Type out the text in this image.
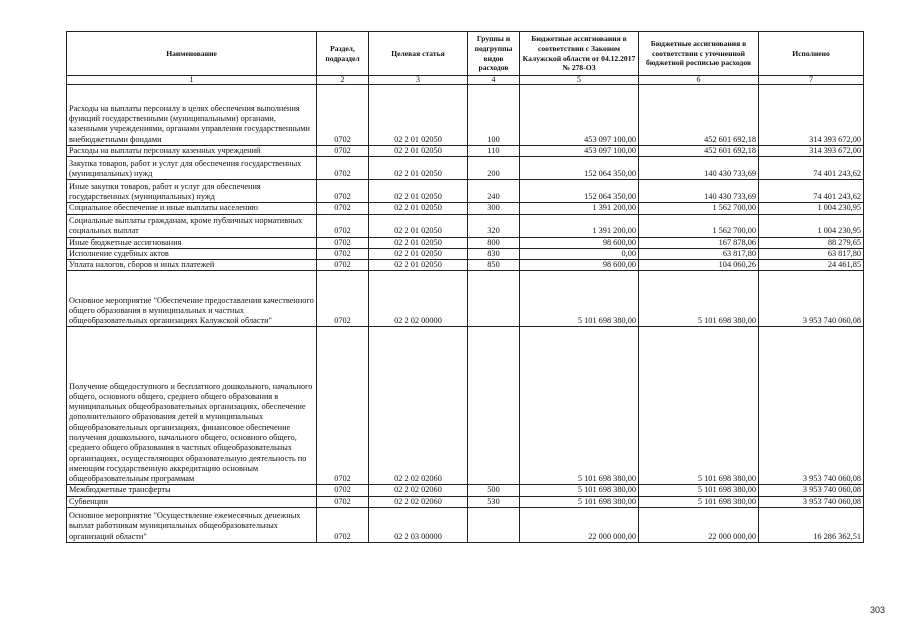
Наименование	Раздел, подраздел	Целевая статья	Группы и подгруппы видов расходов	Бюджетные ассигнования в соответствии с Законом Калужской области от 04.12.2017 № 278-ОЗ	Бюджетные ассигнования в соответствии с уточненной бюджетной росписью расходов	Исполнено
1	2	3	4	5	6	7
Расходы на выплаты персоналу в целях обеспечения выполнения функций государственными (муниципальными) органами, казенными учреждениями, органами управления государственными внебюджетными фондами	0702	02 2 01 02050	100	453 097 100,00	452 601 692,18	314 393 672,00
Расходы на выплаты персоналу казенных учреждений	0702	02 2 01 02050	110	453 097 100,00	452 601 692,18	314 393 672,00
Закупка товаров, работ и услуг для обеспечения государственных (муниципальных) нужд	0702	02 2 01 02050	200	152 064 350,00	140 430 733,69	74 401 243,62
Иные закупки товаров, работ и услуг для обеспечения государственных (муниципальных) нужд	0702	02 2 01 02050	240	152 064 350,00	140 430 733,69	74 401 243,62
Социальное обеспечение и иные выплаты населению	0702	02 2 01 02050	300	1 391 200,00	1 562 700,00	1 004 230,95
Социальные выплаты гражданам, кроме публичных нормативных социальных выплат	0702	02 2 01 02050	320	1 391 200,00	1 562 700,00	1 004 230,95
Иные бюджетные ассигнования	0702	02 2 01 02050	800	98 600,00	167 878,06	88 279,65
Исполнение судебных актов	0702	02 2 01 02050	830	0,00	63 817,80	63 817,80
Уплата налогов, сборов и иных платежей	0702	02 2 01 02050	850	98 600,00	104 060,26	24 461,85
Основное мероприятие "Обеспечение предоставления качественного общего образования в муниципальных и частных общеобразовательных организациях Калужской области"	0702	02 2 02 00000		5 101 698 380,00	5 101 698 380,00	3 953 740 060,08
Получение общедоступного и бесплатного дошкольного, начального общего, основного общего, среднего общего образования в муниципальных общеобразовательных организациях, обеспечение дополнительного образования детей в муниципальных общеобразовательных организациях, финансовое обеспечение получения дошкольного, начального общего, основного общего, среднего общего образования в частных общеобразовательных организациях, осуществляющих образовательную деятельность по имеющим государственную аккредитацию основным общеобразовательным программам	0702	02 2 02 02060		5 101 698 380,00	5 101 698 380,00	3 953 740 060,08
Межбюджетные трансферты	0702	02 2 02 02060	500	5 101 698 380,00	5 101 698 380,00	3 953 740 060,08
Субвенции	0702	02 2 02 02060	530	5 101 698 380,00	5 101 698 380,00	3 953 740 060,08
Основное мероприятие "Осуществление ежемесячных денежных выплат работникам муниципальных общеобразовательных организаций области"	0702	02 2 03 00000		22 000 000,00	22 000 000,00	16 286 362,51
303
